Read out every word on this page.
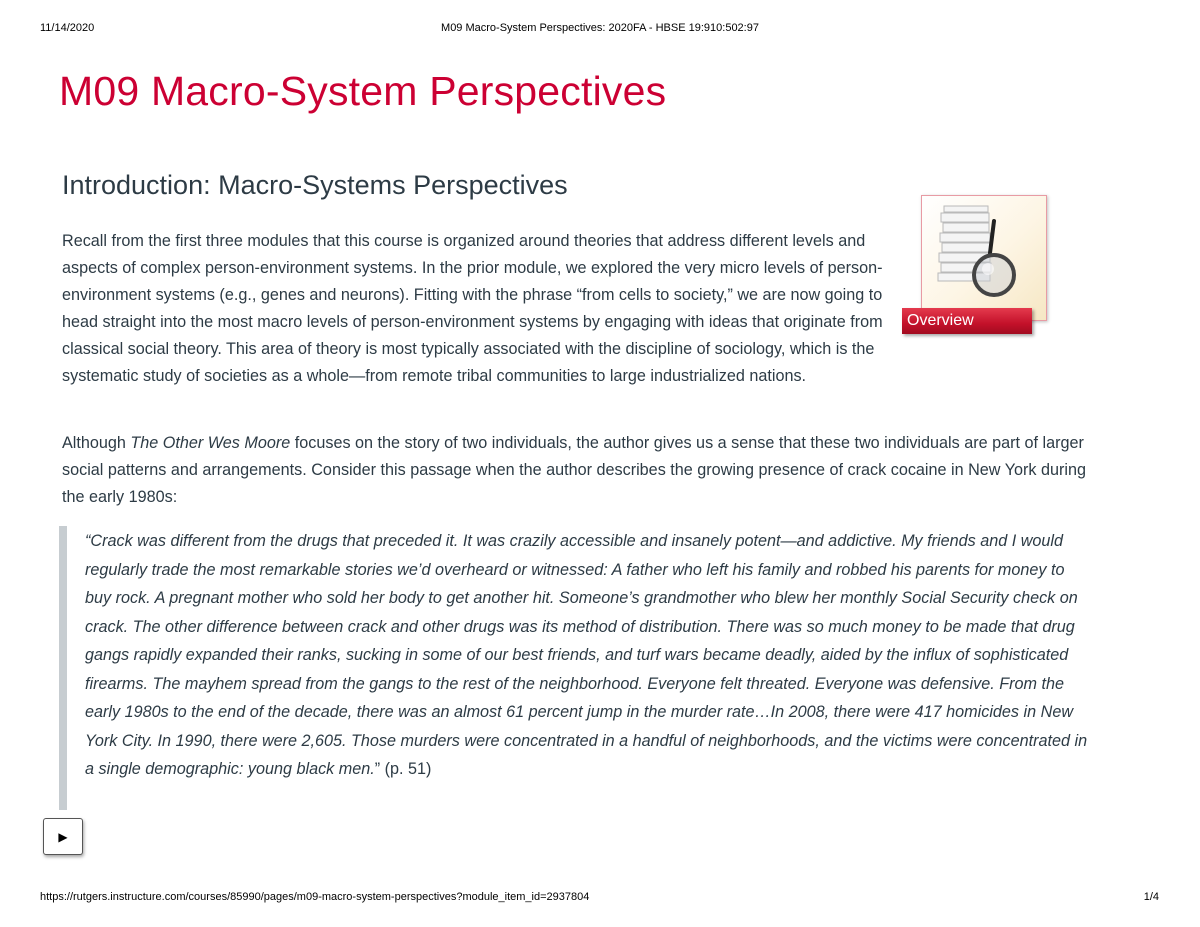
11/14/2020	M09 Macro-System Perspectives: 2020FA - HBSE 19:910:502:97
M09 Macro-System Perspectives
Introduction: Macro-Systems Perspectives
Overview

Recall from the first three modules that this course is organized around theories that address different levels and aspects of complex person-environment systems. In the prior module, we explored the very micro levels of person-environment systems (e.g., genes and neurons). Fitting with the phrase “from cells to society,” we are now going to head straight into the most macro levels of person-environment systems by engaging with ideas that originate from classical social theory. This area of theory is most typically associated with the discipline of sociology, which is the systematic study of societies as a whole—from remote tribal communities to large industrialized nations.

Although The Other Wes Moore focuses on the story of two individuals, the author gives us a sense that these two individuals are part of larger social patterns and arrangements. Consider this passage when the author describes the growing presence of crack cocaine in New York during the early 1980s:

“Crack was different from the drugs that preceded it. It was crazily accessible and insanely potent—and addictive. My friends and I would regularly trade the most remarkable stories we’d overheard or witnessed: A father who left his family and robbed his parents for money to buy rock. A pregnant mother who sold her body to get another hit. Someone’s grandmother who blew her monthly Social Security check on crack. The other difference between crack and other drugs was its method of distribution. There was so much money to be made that drug gangs rapidly expanded their ranks, sucking in some of our best friends, and turf wars became deadly, aided by the influx of sophisticated firearms. The mayhem spread from the gangs to the rest of the neighborhood. Everyone felt threated. Everyone was defensive. From the early 1980s to the end of the decade, there was an almost 61 percent jump in the murder rate…In 2008, there were 417 homicides in New York City. In 1990, there were 2,605. Those murders were concentrated in a handful of neighborhoods, and the victims were concentrated in a single demographic: young black men.” (p. 51)

▶
https://rutgers.instructure.com/courses/85990/pages/m09-macro-system-perspectives?module_item_id=2937804	1/4
